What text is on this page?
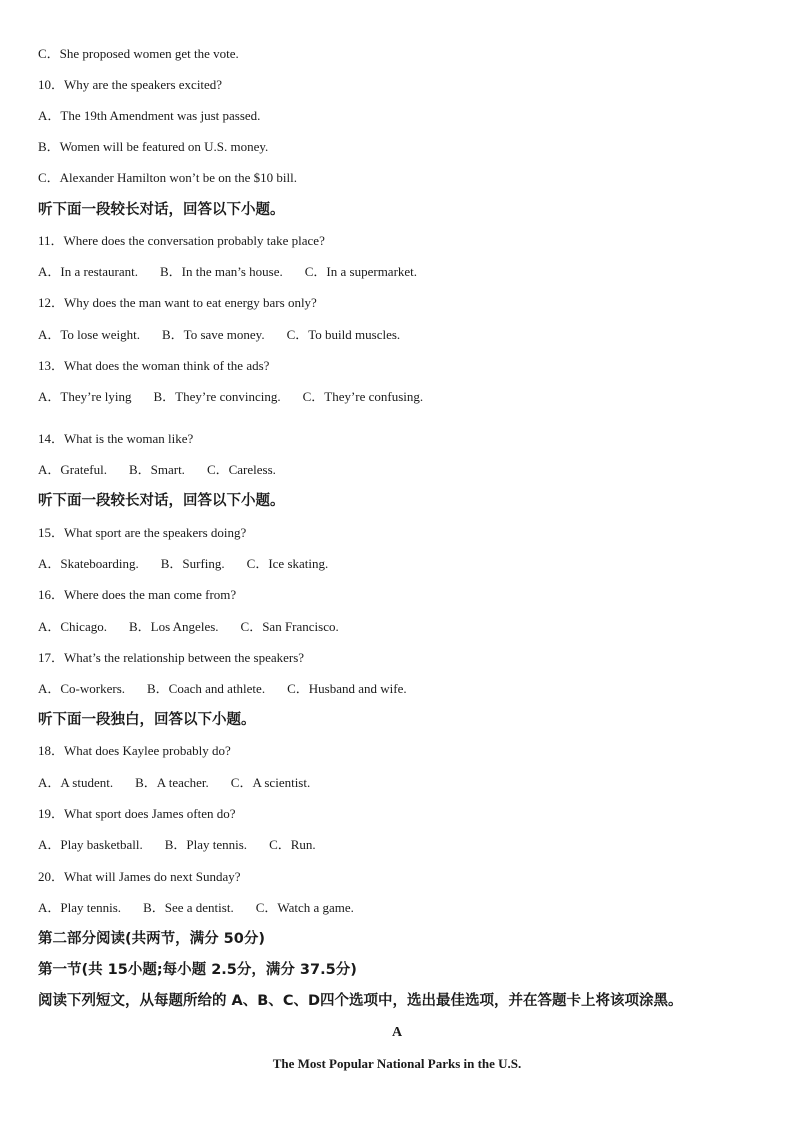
C．She proposed women get the vote.
10．Why are the speakers excited?
A．The 19th Amendment was just passed.
B．Women will be featured on U.S. money.
C．Alexander Hamilton won’t be on the $10 bill.
听下面一段较长对话，回答以下小题。
11．Where does the conversation probably take place?
A．In a restaurant. B．In the man’s house. C．In a supermarket.
12．Why does the man want to eat energy bars only?
A．To lose weight. B．To save money. C．To build muscles.
13．What does the woman think of the ads?
A．They’re lying B．They’re convincing. C．They’re confusing.
14．What is the woman like?
A．Grateful. B．Smart. C．Careless.
听下面一段较长对话，回答以下小题。
15．What sport are the speakers doing?
A．Skateboarding. B．Surfing. C．Ice skating.
16．Where does the man come from?
A．Chicago. B．Los Angeles. C．San Francisco.
17．What’s the relationship between the speakers?
A．Co-workers. B．Coach and athlete. C．Husband and wife.
听下面一段独白，回答以下小题。
18．What does Kaylee probably do?
A．A student. B．A teacher. C．A scientist.
19．What sport does James often do?
A．Play basketball. B．Play tennis. C．Run.
20．What will James do next Sunday?
A．Play tennis. B．See a dentist. C．Watch a game.
第二部分阅读(共两节，满分 50分)
第一节(共 15小题;每小题 2.5分，满分 37.5分)
阅读下列短文，从每题所给的 A、B、C、D四个选项中，选出最佳选项，并在答题卡上将该项涂黑。
A
The Most Popular National Parks in the U.S.
